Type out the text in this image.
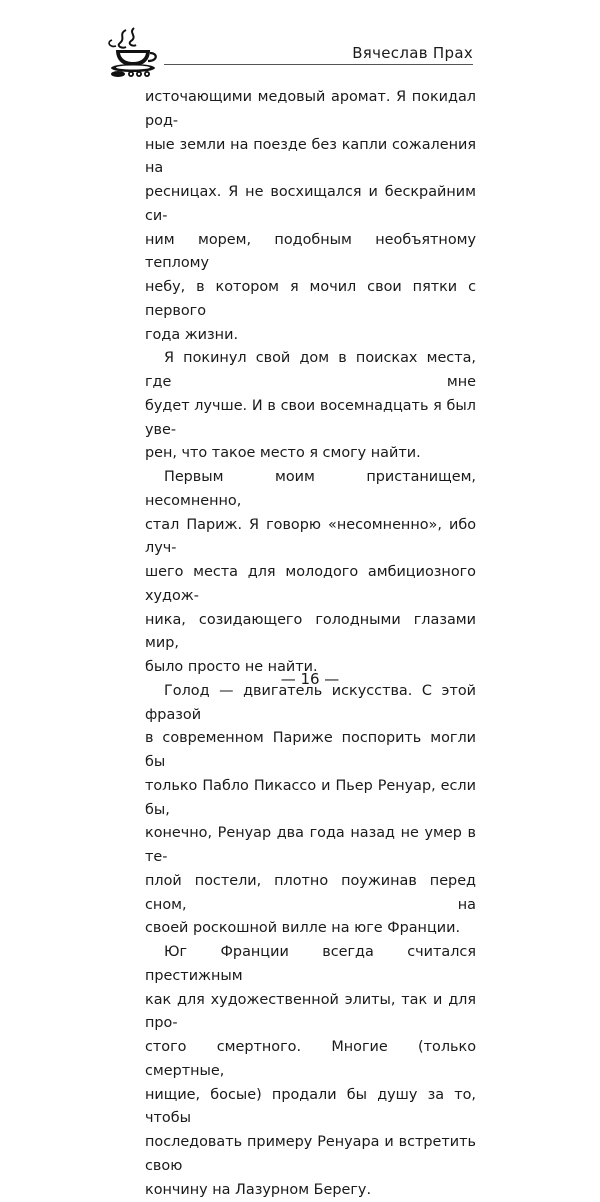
Вячеслав Прах

источающими медовый аромат. Я покидал род-

ные земли на поезде без капли сожаления на

ресницах. Я не восхищался и бескрайним си-

ним морем, подобным необъятному теплому

небу, в котором я мочил свои пятки с первого

года жизни.

Я покинул свой дом в поисках места, где мне

будет лучше. И в свои восемнадцать я был увe-

рен, что такое место я смогу найти.

Первым моим пристанищем, несомненно,

стал Париж. Я говорю «несомненно», ибо луч-

шего места для молодого амбициозного худож-

ника, созидающего голодными глазами мир,

было просто не найти.

Голод — двигатель искусства. С этой фразой

в современном Париже поспорить могли бы

только Пабло Пикассо и Пьер Ренуар, если бы,

конечно, Ренуар два года назад не умер в те-

плой постели, плотно поужинав перед сном, на

своей роскошной вилле на юге Франции.

Юг Франции всегда считался престижным

как для художественной элиты, так и для про-

стого смертного. Многие (только смертные,

нищие, босые) продали бы душу за то, чтобы

последовать примеру Ренуара и встретить свою

кончину на Лазурном Берегу.

— 16 —
